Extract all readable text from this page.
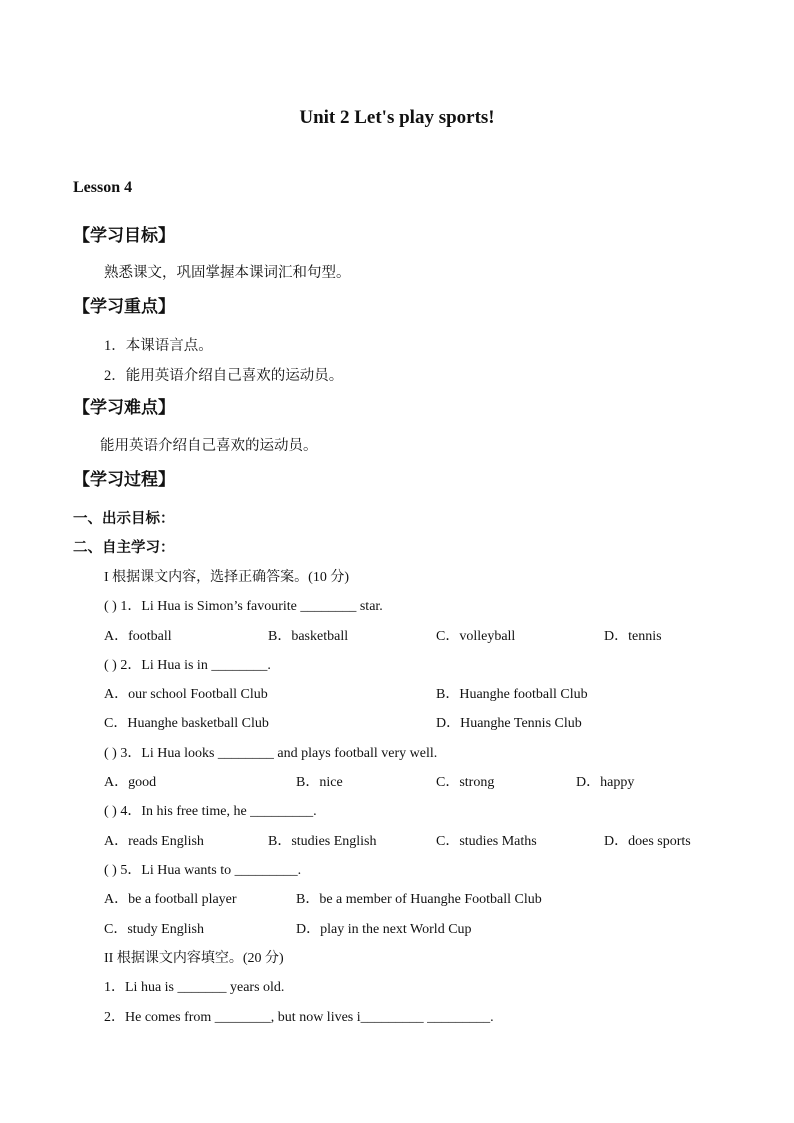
Unit 2 Let's play sports!
Lesson 4
【学习目标】
熟悉课文，巩固掌握本课词汇和句型。
【学习重点】
1．本课语言点。
2．能用英语介绍自己喜欢的运动员。
【学习难点】
能用英语介绍自己喜欢的运动员。
【学习过程】
一、出示目标：
二、自主学习：
I 根据课文内容，选择正确答案。(10 分)
( ) 1．Li Hua is Simon’s favourite ________ star.
A．football	B．basketball	C．volleyball	D．tennis
( ) 2．Li Hua is in ________.
A．our school Football Club	B．Huanghe football Club
C．Huanghe basketball Club	D．Huanghe Tennis Club
( ) 3．Li Hua looks ________ and plays football very well.
A．good	B．nice	C．strong	D．happy
( ) 4．In his free time, he _________.
A．reads English	B．studies English	C．studies Maths	D．does sports
( ) 5．Li Hua wants to _________.
A．be a football player	B．be a member of Huanghe Football Club
C．study English	D．play in the next World Cup
II 根据课文内容填空。(20 分)
1．Li hua is _______ years old.
2．He comes from ________, but now lives i_________ _________.
